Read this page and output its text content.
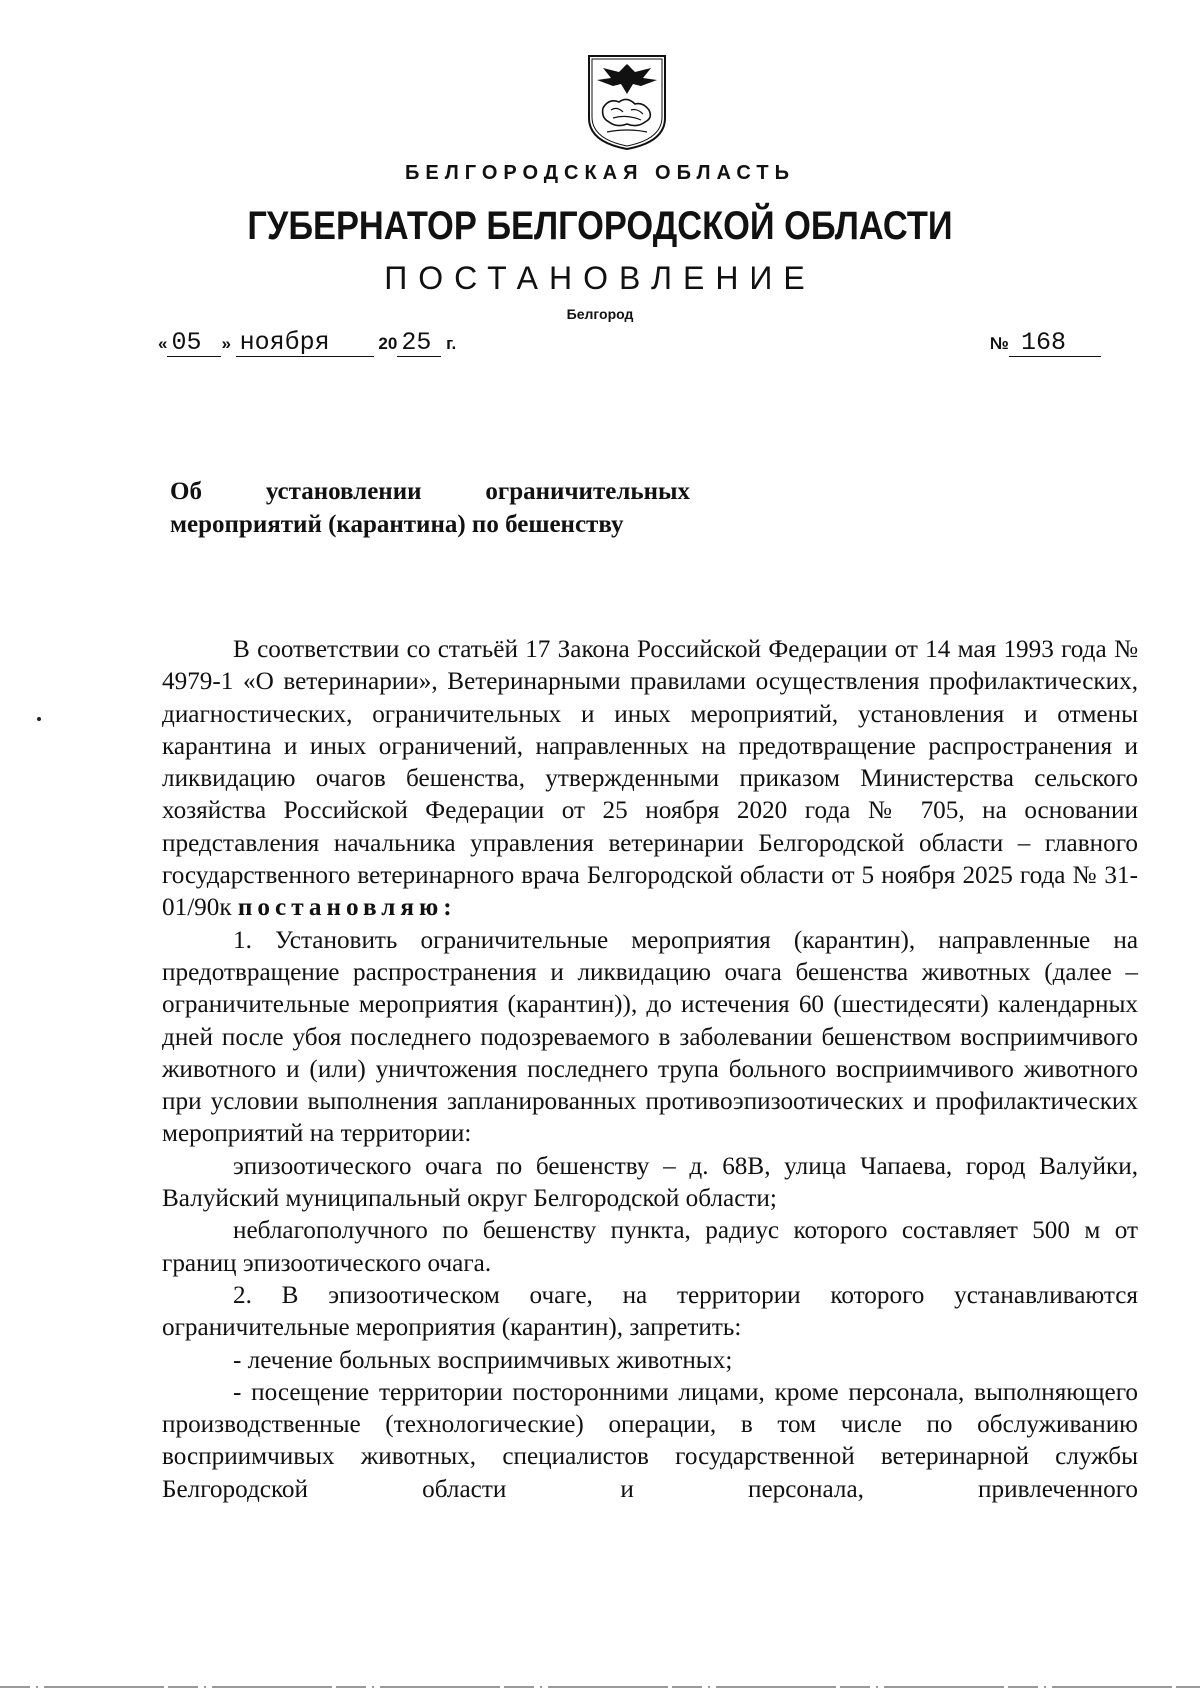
БЕЛГОРОДСКАЯ ОБЛАСТЬ
ГУБЕРНАТОР БЕЛГОРОДСКОЙ ОБЛАСТИ
ПОСТАНОВЛЕНИЕ
Белгород
« 05 » ноября	20 25 г.	№ 168
Об	установлении	ограничительных
мероприятий (карантина) по бешенству

В соответствии со статьёй 17 Закона Российской Федерации от 14 мая 1993 года № 4979-1 «О ветеринарии», Ветеринарными правилами осуществления профилактических, диагностических, ограничительных и иных мероприятий, установления и отмены карантина и иных ограничений, направленных на предотвращение распространения и ликвидацию очагов бешенства, утвержденными приказом Министерства сельского хозяйства Российской Федерации от 25 ноября 2020 года № 705, на основании представления начальника управления ветеринарии Белгородской области – главного государственного ветеринарного врача Белгородской области от 5 ноября 2025 года № 31-01/90к постановляю:

1. Установить ограничительные мероприятия (карантин), направленные на предотвращение распространения и ликвидацию очага бешенства животных (далее – ограничительные мероприятия (карантин)), до истечения 60 (шестидесяти) календарных дней после убоя последнего подозреваемого в заболевании бешенством восприимчивого животного и (или) уничтожения последнего трупа больного восприимчивого животного при условии выполнения запланированных противоэпизоотических и профилактических мероприятий на территории:

эпизоотического очага по бешенству – д. 68В, улица Чапаева, город Валуйки, Валуйский муниципальный округ Белгородской области;

неблагополучного по бешенству пункта, радиус которого составляет 500 м от границ эпизоотического очага.

2. В эпизоотическом очаге, на территории которого устанавливаются ограничительные мероприятия (карантин), запретить:

- лечение больных восприимчивых животных;

- посещение территории посторонними лицами, кроме персонала, выполняющего производственные (технологические) операции, в том числе по обслуживанию восприимчивых животных, специалистов государственной ветеринарной службы Белгородской области и персонала, привлеченного
